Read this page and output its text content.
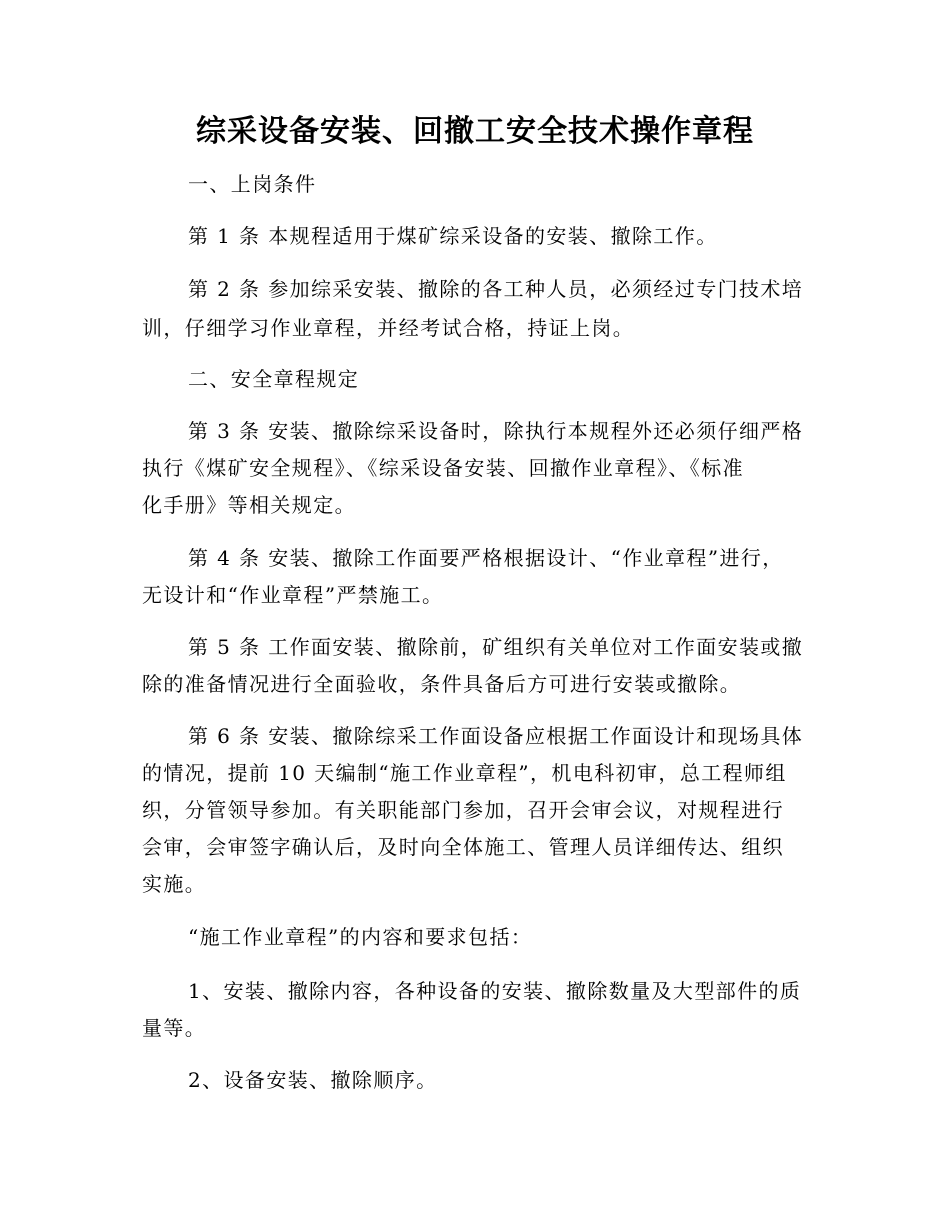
综采设备安装、回撤工安全技术操作章程
一、上岗条件
第 1 条 本规程适用于煤矿综采设备的安装、撤除工作。
第 2 条 参加综采安装、撤除的各工种人员，必须经过专门技术培
训，仔细学习作业章程，并经考试合格，持证上岗。
二、安全章程规定
第 3 条 安装、撤除综采设备时，除执行本规程外还必须仔细严格
执行《煤矿安全规程》、《综采设备安装、回撤作业章程》、《标准
化手册》等相关规定。
第 4 条 安装、撤除工作面要严格根据设计、“作业章程”进行，
无设计和“作业章程”严禁施工。
第 5 条 工作面安装、撤除前，矿组织有关单位对工作面安装或撤
除的准备情况进行全面验收，条件具备后方可进行安装或撤除。
第 6 条 安装、撤除综采工作面设备应根据工作面设计和现场具体
的情况，提前 10 天编制“施工作业章程”，机电科初审，总工程师组
织，分管领导参加。有关职能部门参加，召开会审会议，对规程进行
会审，会审签字确认后，及时向全体施工、管理人员详细传达、组织
实施。
“施工作业章程”的内容和要求包括：
1、安装、撤除内容，各种设备的安装、撤除数量及大型部件的质
量等。
2、设备安装、撤除顺序。
